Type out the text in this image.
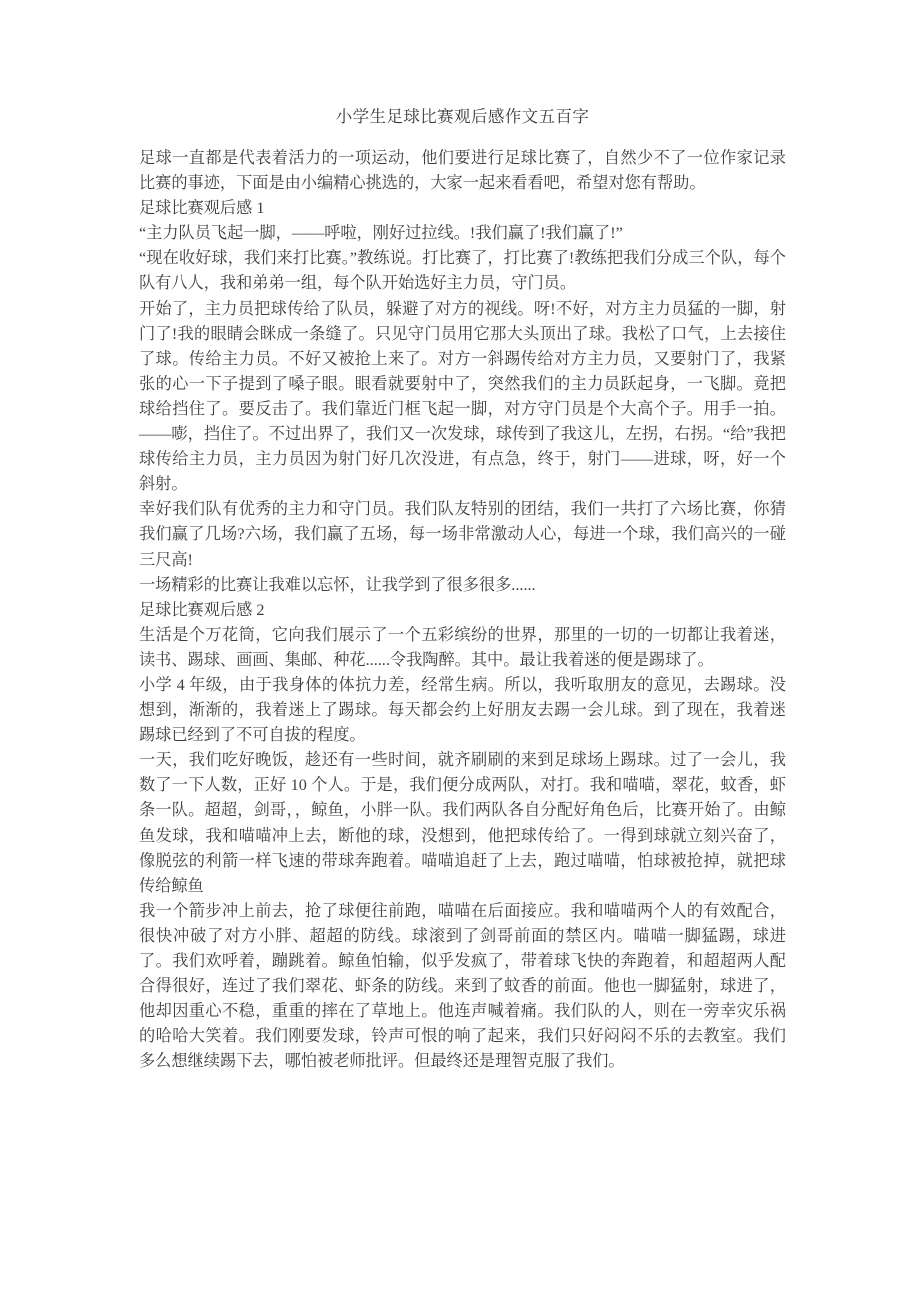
小学生足球比赛观后感作文五百字

足球一直都是代表着活力的一项运动，他们要进行足球比赛了，自然少不了一位作家记录比赛的事迹，下面是由小编精心挑选的，大家一起来看看吧，希望对您有帮助。

足球比赛观后感 1

“主力队员飞起一脚，——呼啦，刚好过拉线。!我们赢了!我们赢了!”

“现在收好球，我们来打比赛。”教练说。打比赛了，打比赛了!教练把我们分成三个队，每个队有八人，我和弟弟一组，每个队开始选好主力员，守门员。

开始了，主力员把球传给了队员，躲避了对方的视线。呀!不好，对方主力员猛的一脚，射门了!我的眼睛会眯成一条缝了。只见守门员用它那大头顶出了球。我松了口气，上去接住了球。传给主力员。不好又被抢上来了。对方一斜踢传给对方主力员，又要射门了，我紧张的心一下子提到了嗓子眼。眼看就要射中了，突然我们的主力员跃起身，一飞脚。竟把球给挡住了。要反击了。我们靠近门框飞起一脚，对方守门员是个大高个子。用手一拍。——嘭，挡住了。不过出界了，我们又一次发球，球传到了我这儿，左拐，右拐。“给”我把球传给主力员，主力员因为射门好几次没进，有点急，终于，射门——进球，呀，好一个斜射。

幸好我们队有优秀的主力和守门员。我们队友特别的团结，我们一共打了六场比赛，你猜我们赢了几场?六场，我们赢了五场，每一场非常激动人心，每进一个球，我们高兴的一碰三尺高!

一场精彩的比赛让我难以忘怀，让我学到了很多很多......

足球比赛观后感 2

生活是个万花筒，它向我们展示了一个五彩缤纷的世界，那里的一切的一切都让我着迷，读书、踢球、画画、集邮、种花......令我陶醉。其中。最让我着迷的便是踢球了。

小学 4 年级，由于我身体的体抗力差，经常生病。所以，我听取朋友的意见，去踢球。没想到，渐渐的，我着迷上了踢球。每天都会约上好朋友去踢一会儿球。到了现在，我着迷踢球已经到了不可自拔的程度。

一天，我们吃好晚饭，趁还有一些时间，就齐刷刷的来到足球场上踢球。过了一会儿，我数了一下人数，正好 10 个人。于是，我们便分成两队，对打。我和喵喵，翠花，蚊香，虾条一队。超超，剑哥，，鲸鱼，小胖一队。我们两队各自分配好角色后，比赛开始了。由鲸鱼发球，我和喵喵冲上去，断他的球，没想到，他把球传给了。一得到球就立刻兴奋了，像脱弦的利箭一样飞速的带球奔跑着。喵喵追赶了上去，跑过喵喵，怕球被抢掉，就把球传给鲸鱼

我一个箭步冲上前去，抢了球便往前跑，喵喵在后面接应。我和喵喵两个人的有效配合，很快冲破了对方小胖、超超的防线。球滚到了剑哥前面的禁区内。喵喵一脚猛踢，球进了。我们欢呼着，蹦跳着。鲸鱼怕输，似乎发疯了，带着球飞快的奔跑着，和超超两人配合得很好，连过了我们翠花、虾条的防线。来到了蚊香的前面。他也一脚猛射，球进了，他却因重心不稳，重重的摔在了草地上。他连声喊着痛。我们队的人，则在一旁幸灾乐祸的哈哈大笑着。我们刚要发球，铃声可恨的响了起来，我们只好闷闷不乐的去教室。我们多么想继续踢下去，哪怕被老师批评。但最终还是理智克服了我们。
